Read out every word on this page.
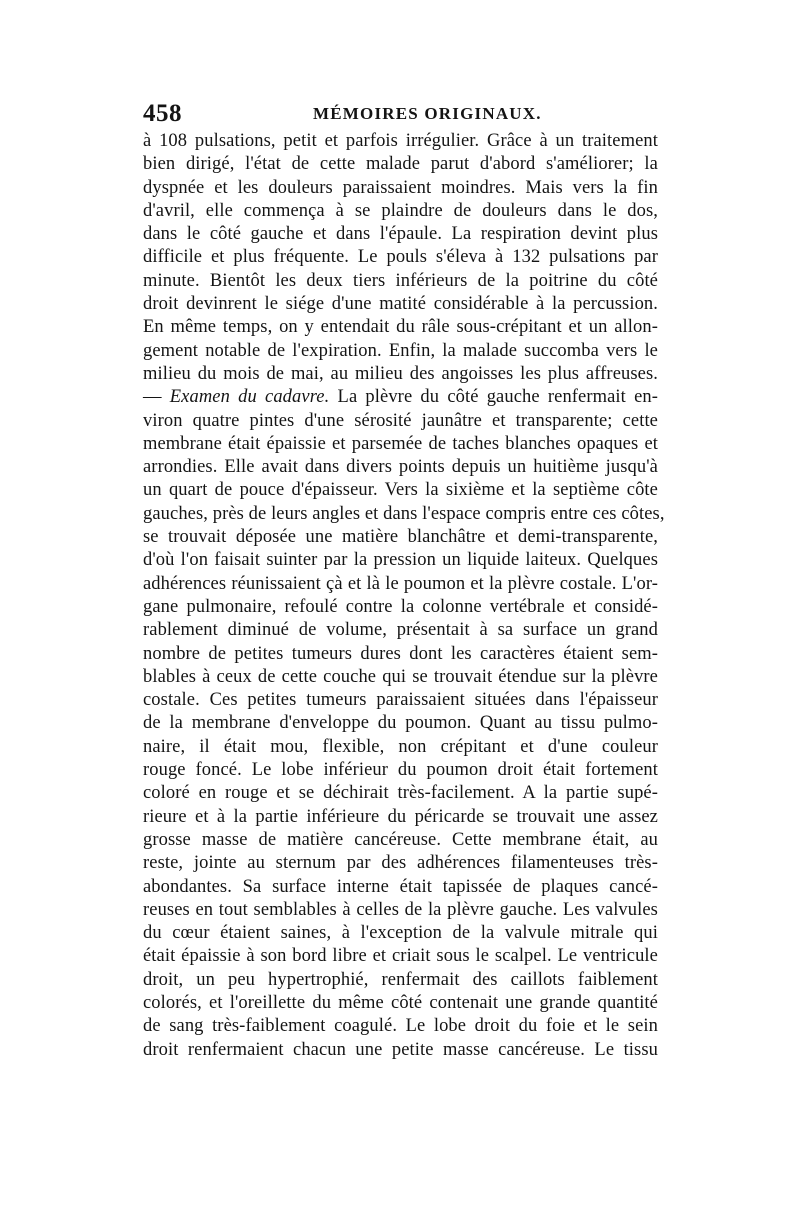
458	MÉMOIRES ORIGINAUX.
à 108 pulsations, petit et parfois irrégulier. Grâce à un traitement
bien dirigé, l'état de cette malade parut d'abord s'améliorer; la
dyspnée et les douleurs paraissaient moindres. Mais vers la fin
d'avril, elle commença à se plaindre de douleurs dans le dos,
dans le côté gauche et dans l'épaule. La respiration devint plus
difficile et plus fréquente. Le pouls s'éleva à 132 pulsations par
minute. Bientôt les deux tiers inférieurs de la poitrine du côté
droit devinrent le siége d'une matité considérable à la percussion.
En même temps, on y entendait du râle sous-crépitant et un allon-
gement notable de l'expiration. Enfin, la malade succomba vers le
milieu du mois de mai, au milieu des angoisses les plus affreuses.
— Examen du cadavre. La plèvre du côté gauche renfermait en-
viron quatre pintes d'une sérosité jaunâtre et transparente; cette
membrane était épaissie et parsemée de taches blanches opaques et
arrondies. Elle avait dans divers points depuis un huitième jusqu'à
un quart de pouce d'épaisseur. Vers la sixième et la septième côte
gauches, près de leurs angles et dans l'espace compris entre ces côtes,
se trouvait déposée une matière blanchâtre et demi-transparente,
d'où l'on faisait suinter par la pression un liquide laiteux. Quelques
adhérences réunissaient çà et là le poumon et la plèvre costale. L'or-
gane pulmonaire, refoulé contre la colonne vertébrale et considé-
rablement diminué de volume, présentait à sa surface un grand
nombre de petites tumeurs dures dont les caractères étaient sem-
blables à ceux de cette couche qui se trouvait étendue sur la plèvre
costale. Ces petites tumeurs paraissaient situées dans l'épaisseur
de la membrane d'enveloppe du poumon. Quant au tissu pulmo-
naire, il était mou, flexible, non crépitant et d'une couleur
rouge foncé. Le lobe inférieur du poumon droit était fortement
coloré en rouge et se déchirait très-facilement. A la partie supé-
rieure et à la partie inférieure du péricarde se trouvait une assez
grosse masse de matière cancéreuse. Cette membrane était, au
reste, jointe au sternum par des adhérences filamenteuses très-
abondantes. Sa surface interne était tapissée de plaques cancé-
reuses en tout semblables à celles de la plèvre gauche. Les valvules
du cœur étaient saines, à l'exception de la valvule mitrale qui
était épaissie à son bord libre et criait sous le scalpel. Le ventricule
droit, un peu hypertrophié, renfermait des caillots faiblement
colorés, et l'oreillette du même côté contenait une grande quantité
de sang très-faiblement coagulé. Le lobe droit du foie et le sein
droit renfermaient chacun une petite masse cancéreuse. Le tissu
